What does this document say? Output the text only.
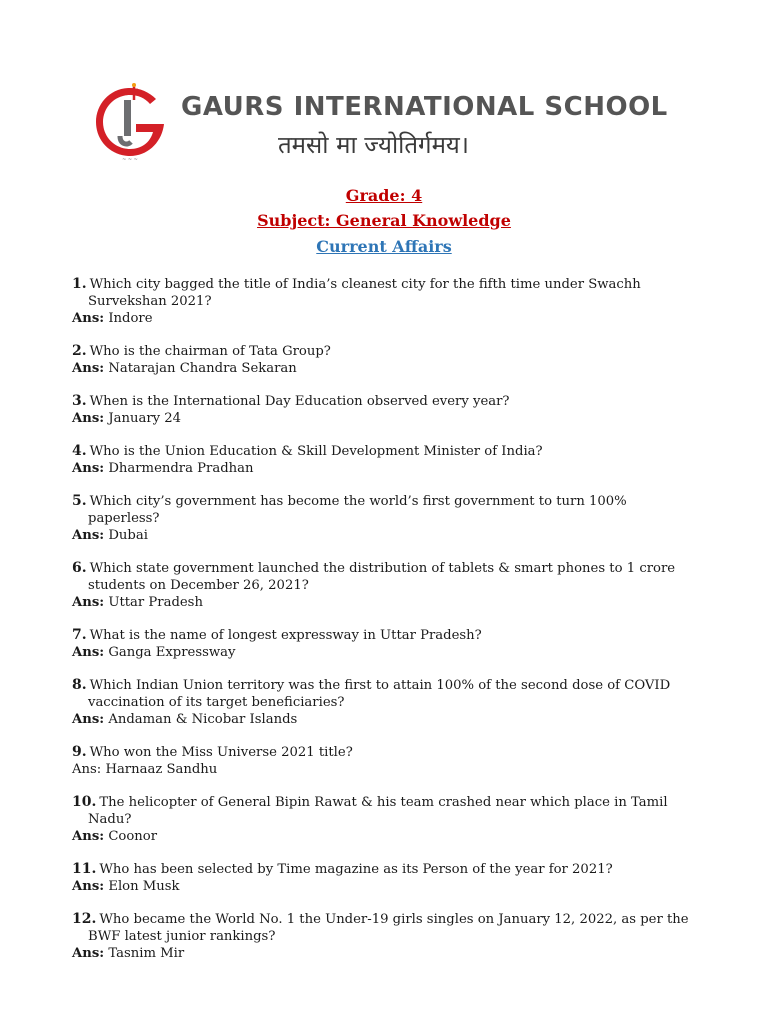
~ ~ ~
GAURS INTERNATIONAL SCHOOL
तमसो मा ज्योतिर्गमय।
Grade: 4
Subject: General Knowledge
Current Affairs
1. Which city bagged the title of India’s cleanest city for the fifth time under Swachh Survekshan 2021?
Ans: Indore
2. Who is the chairman of Tata Group?
Ans: Natarajan Chandra Sekaran
3. When is the International Day Education observed every year?
Ans: January 24
4. Who is the Union Education & Skill Development Minister of India?
Ans: Dharmendra Pradhan
5. Which city’s government has become the world’s first government to turn 100% paperless?
Ans: Dubai
6. Which state government launched the distribution of tablets & smart phones to 1 crore students on December 26, 2021?
Ans: Uttar Pradesh
7. What is the name of longest expressway in Uttar Pradesh?
Ans: Ganga Expressway
8. Which Indian Union territory was the first to attain 100% of the second dose of COVID vaccination of its target beneficiaries?
Ans: Andaman & Nicobar Islands
9. Who won the Miss Universe 2021 title?
Ans: Harnaaz Sandhu
10. The helicopter of General Bipin Rawat & his team crashed near which place in Tamil Nadu?
Ans: Coonor
11. Who has been selected by Time magazine as its Person of the year for 2021?
Ans: Elon Musk
12. Who became the World No. 1 the Under-19 girls singles on January 12, 2022, as per the BWF latest junior rankings?
Ans: Tasnim Mir
